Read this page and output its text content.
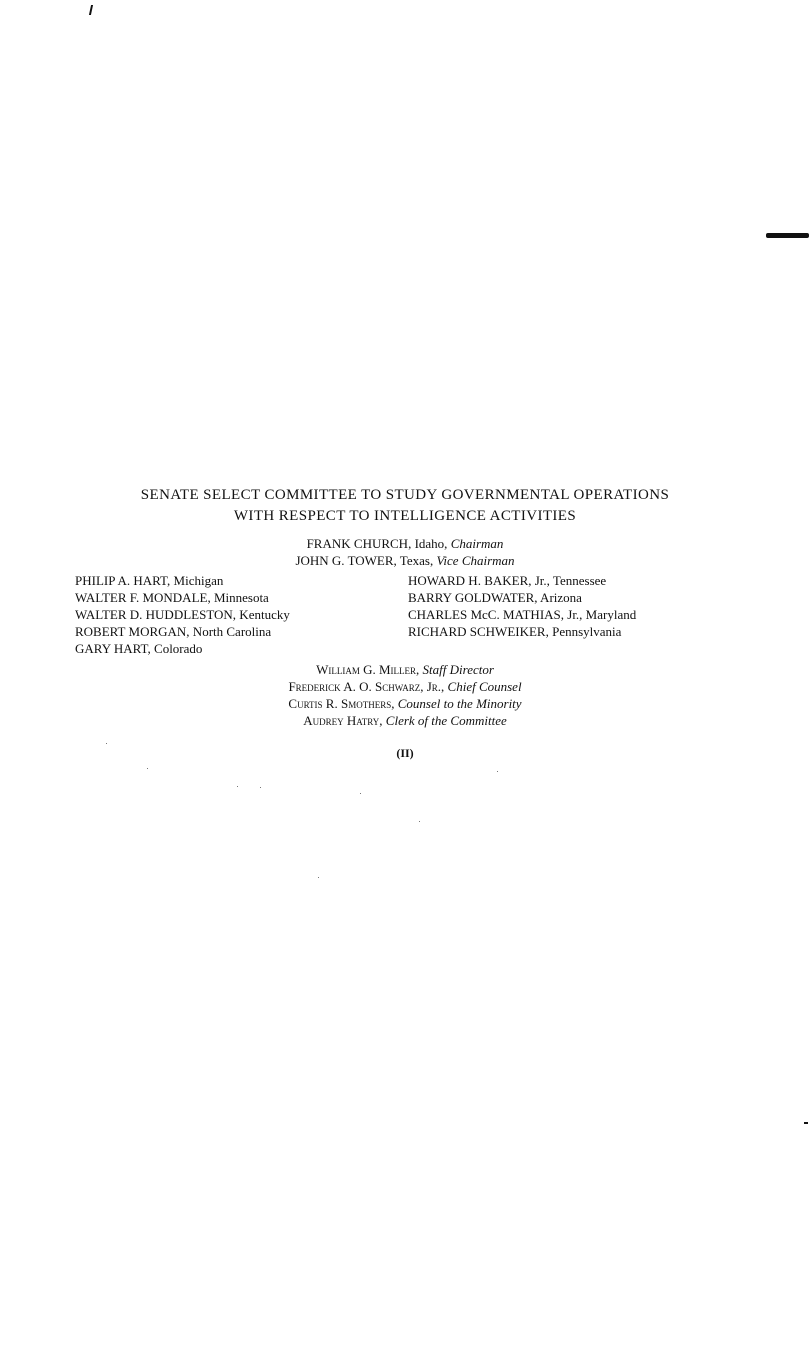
SENATE SELECT COMMITTEE TO STUDY GOVERNMENTAL OPERATIONS
WITH RESPECT TO INTELLIGENCE ACTIVITIES
FRANK CHURCH, Idaho, Chairman
JOHN G. TOWER, Texas, Vice Chairman
PHILIP A. HART, Michigan
WALTER F. MONDALE, Minnesota
WALTER D. HUDDLESTON, Kentucky
ROBERT MORGAN, North Carolina
GARY HART, Colorado
HOWARD H. BAKER, Jr., Tennessee
BARRY GOLDWATER, Arizona
CHARLES McC. MATHIAS, Jr., Maryland
RICHARD SCHWEIKER, Pennsylvania
William G. Miller, Staff Director
Frederick A. O. Schwarz, Jr., Chief Counsel
Curtis R. Smothers, Counsel to the Minority
Audrey Hatry, Clerk of the Committee
(II)
